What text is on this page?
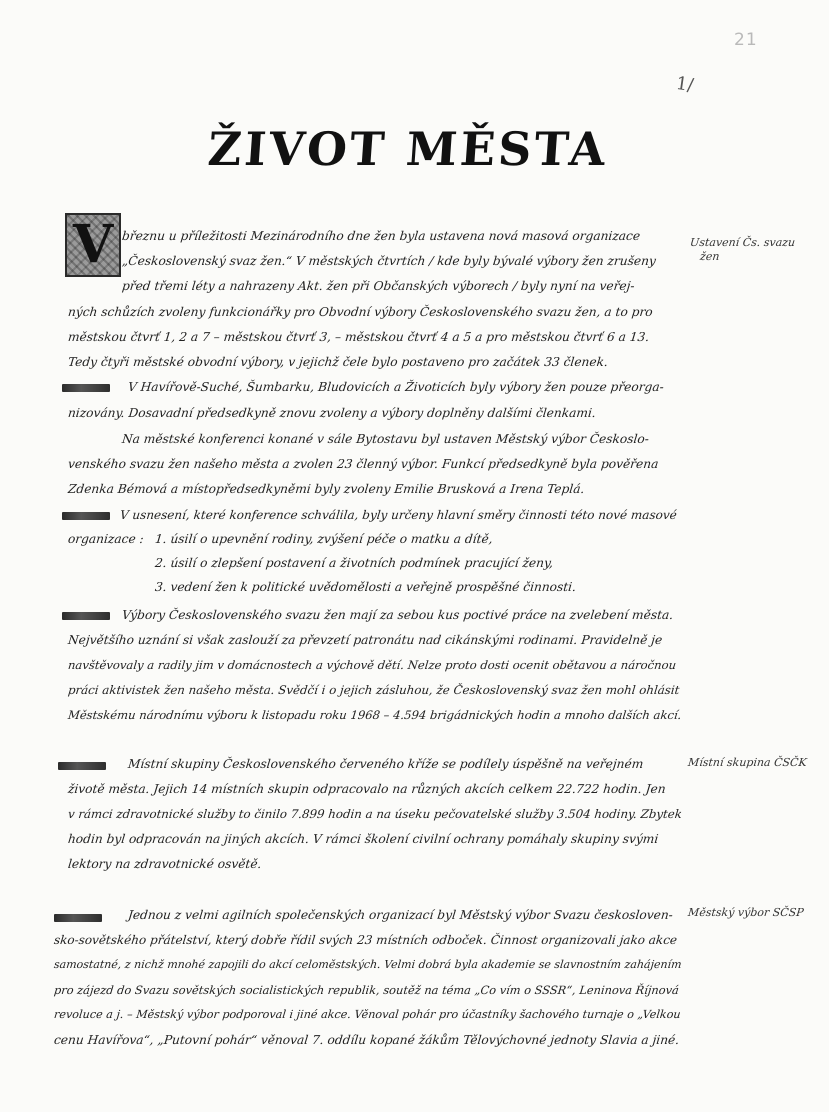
21
1/
ŽIVOT MĚSTA
V březnu u příležitosti Mezinárodního dne žen byla ustavena nová masová organizace
„Československý svaz žen.“ V městských čtvrtích / kde byly bývalé výbory žen zrušeny
před třemi léty a nahrazeny Akt. žen při Občanských výborech / byly nyní na veřej-
ných schůzích zvoleny funkcionářky pro Obvodní výbory Československého svazu žen, a to pro
městskou čtvrť 1, 2 a 7 – městskou čtvrť 3, – městskou čtvrť 4 a 5 a pro městskou čtvrť 6 a 13.
Tedy čtyři městské obvodní výbory, v jejichž čele bylo postaveno pro začátek 33 členek.
Ustavení Čs. svazu
žen
V Havířově-Suché, Šumbarku, Bludovicích a Životicích byly výbory žen pouze přeorga-
nizovány. Dosavadní předsedkyně znovu zvoleny a výbory doplněny dalšími členkami.
Na městské konferenci konané v sále Bytostavu byl ustaven Městský výbor Českoslo-
venského svazu žen našeho města a zvolen 23 členný výbor. Funkcí předsedkyně byla pověřena
Zdenka Bémová a místopředsedkyněmi byly zvoleny Emilie Brusková a Irena Teplá.
V usnesení, které konference schválila, byly určeny hlavní směry činnosti této nové masové
organizace : 1. úsilí o upevnění rodiny, zvýšení péče o matku a dítě,
2. úsilí o zlepšení postavení a životních podmínek pracující ženy,
3. vedení žen k politické uvědomělosti a veřejně prospěšné činnosti.
Výbory Československého svazu žen mají za sebou kus poctivé práce na zvelebení města.
Největšího uznání si však zaslouží za převzetí patronátu nad cikánskými rodinami. Pravidelně je
navštěvovaly a radily jim v domácnostech a výchově dětí. Nelze proto dosti ocenit obětavou a náročnou
práci aktivistek žen našeho města. Svědčí i o jejich zásluhou, že Československý svaz žen mohl ohlásit
Městskému národnímu výboru k listopadu roku 1968 – 4.594 brigádnických hodin a mnoho dalších akcí.
Místní skupiny Československého červeného kříže se podílely úspěšně na veřejném
životě města. Jejich 14 místních skupin odpracovalo na různých akcích celkem 22.722 hodin. Jen
v rámci zdravotnické služby to činilo 7.899 hodin a na úseku pečovatelské služby 3.504 hodiny. Zbytek
hodin byl odpracován na jiných akcích. V rámci školení civilní ochrany pomáhaly skupiny svými
lektory na zdravotnické osvětě.
Místní skupina ČSČK
Jednou z velmi agilních společenských organizací byl Městský výbor Svazu českosloven-
sko-sovětského přátelství, který dobře řídil svých 23 místních odboček. Činnost organizovali jako akce
samostatné, z nichž mnohé zapojili do akcí celoměstských. Velmi dobrá byla akademie se slavnostním zahájením
pro zájezd do Svazu sovětských socialistických republik, soutěž na téma „Co vím o SSSR“, Leninova Říjnová
revoluce a j. – Městský výbor podporoval i jiné akce. Věnoval pohár pro účastníky šachového turnaje o „Velkou
cenu Havířova“, „Putovní pohár“ věnoval 7. oddílu kopané žákům Tělovýchovné jednoty Slavia a jiné.
Městský výbor SČSP
